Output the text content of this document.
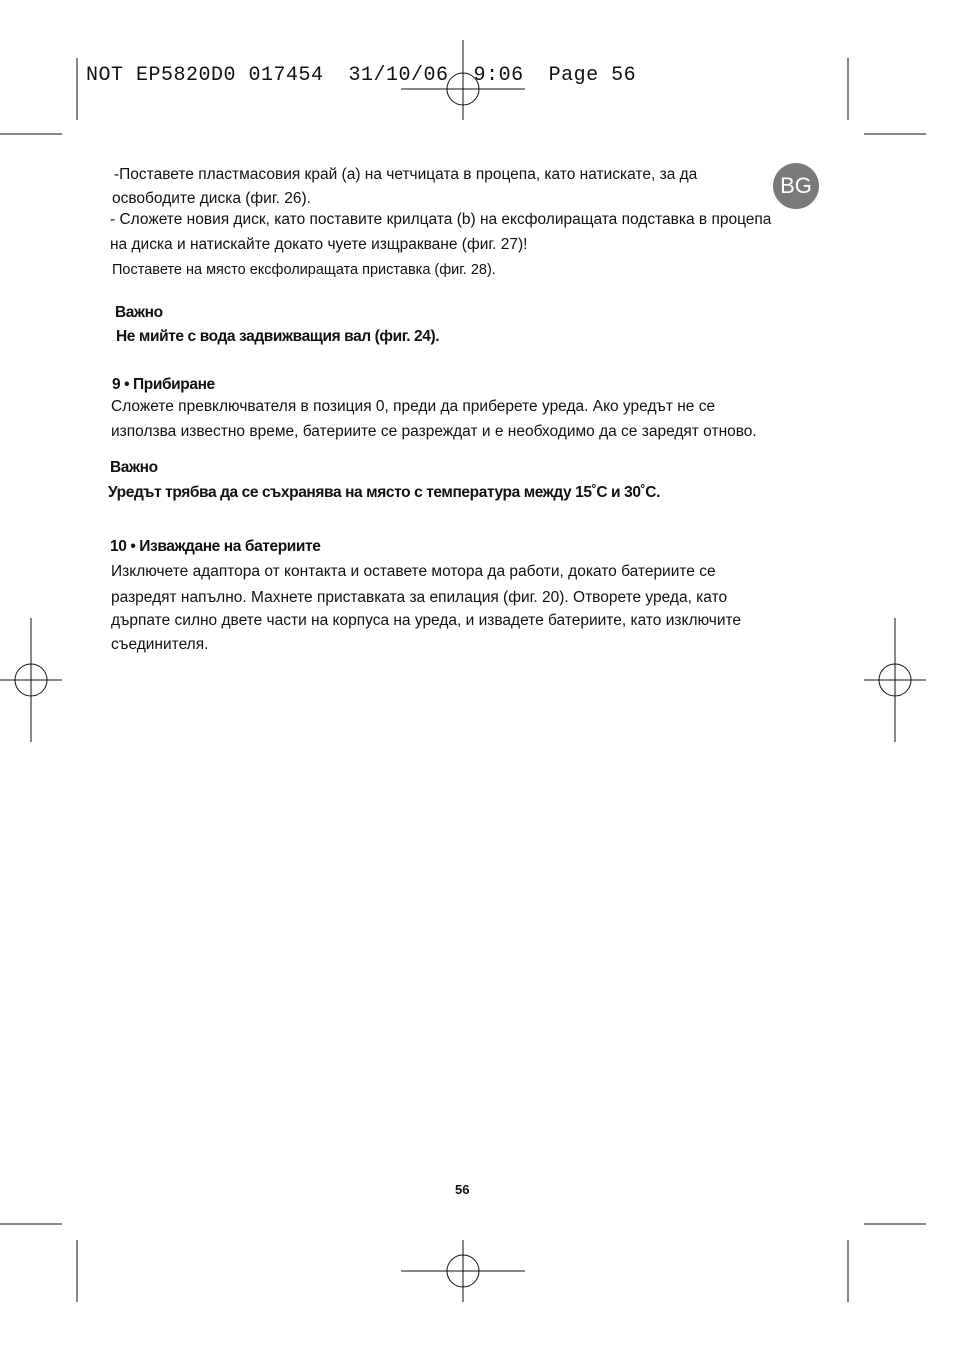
NOT EP5820D0 017454  31/10/06  9:06  Page 56
BG
-Поставете пластмасовия край (а) на четчицата в процепа, като натискате, за да
освободите диска (фиг. 26).
- Сложете новия диск, като поставите крилцата (b) на ексфолиращата подставка в процепа
на диска и натискайте докато чуете изщракване (фиг. 27)!
Поставете на място ексфолиращата приставка (фиг. 28).
Важно
Не мийте с вода задвижващия вал (фиг. 24).
9 • Прибиране
Сложете превключвателя в позиция 0, преди да приберете уреда. Ако уредът не се
използва известно време, батериите се разреждат и е необходимо да се заредят отново.
Важно
Уредът трябва да се съхранява на място с температура между 15˚C и 30˚C.
10 • Изваждане на батериите
Изключете адаптора от контакта и оставете мотора да работи, докато батериите се
разредят напълно. Махнете приставката за епилация (фиг. 20). Отворете уреда, като
дърпате силно двете части на корпуса на уреда, и извадете батериите, като изключите
съединителя.
56
